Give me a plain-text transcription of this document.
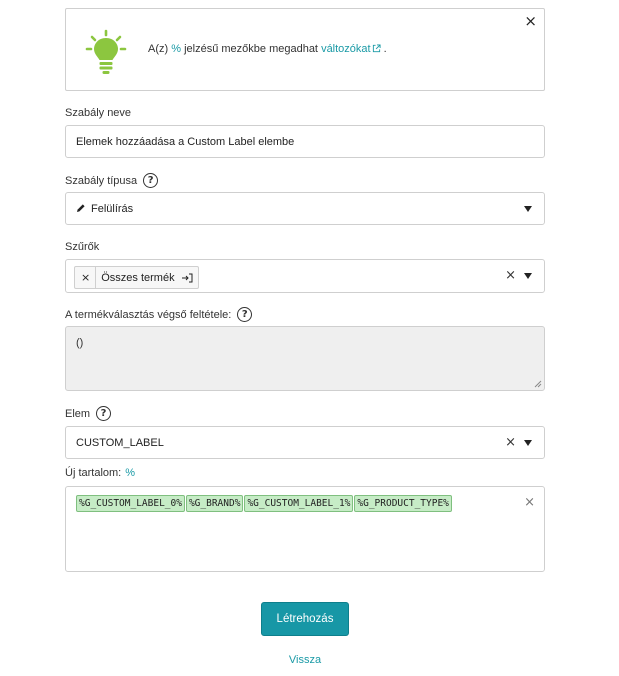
A(z) % jelzésű mezőkbe megadhat változókat .
×
Szabály neve
Elemek hozzáadása a Custom Label elembe
Szabály típusa	?
Felülírás
Szűrők
×	Összes termék	×
A termékválasztás végső feltétele:	?
()
Elem	?
CUSTOM_LABEL	×
Új tartalom: %
%G_CUSTOM_LABEL_0% %G_BRAND% %G_CUSTOM_LABEL_1% %G_PRODUCT_TYPE%	×
Létrehozás
Vissza
